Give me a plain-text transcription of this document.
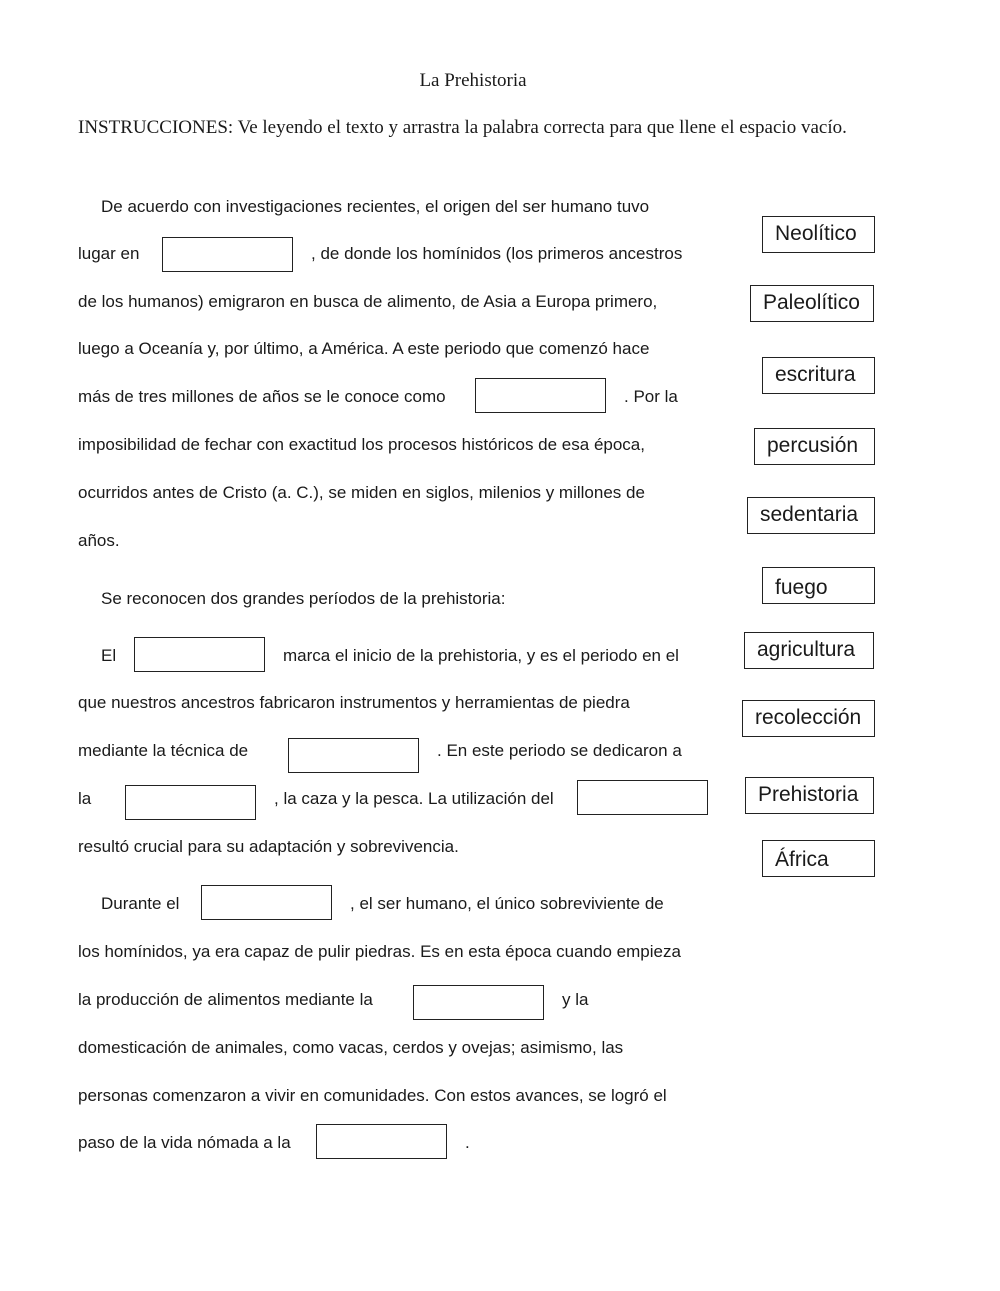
La Prehistoria
INSTRUCCIONES: Ve leyendo el texto y arrastra la palabra correcta para que llene el espacio vacío.
De acuerdo con investigaciones recientes, el origen del ser humano tuvo
lugar en	, de donde los homínidos (los primeros ancestros
de los humanos) emigraron en busca de alimento, de Asia a Europa primero,
luego a Oceanía y, por último, a América. A este periodo que comenzó hace
más de tres millones de años se le conoce como	. Por la
imposibilidad de fechar con exactitud los procesos históricos de esa época,
ocurridos antes de Cristo (a. C.), se miden en siglos, milenios y millones de
años.
Se reconocen dos grandes períodos de la prehistoria:
El	marca el inicio de la prehistoria, y es el periodo en el
que nuestros ancestros fabricaron instrumentos y herramientas de piedra
mediante la técnica de	. En este periodo se dedicaron a
la	, la caza y la pesca. La utilización del
resultó crucial para su adaptación y sobrevivencia.
Durante el	, el ser humano, el único sobreviviente de
los homínidos, ya era capaz de pulir piedras. Es en esta época cuando empieza
la producción de alimentos mediante la	y la
domesticación de animales, como vacas, cerdos y ovejas; asimismo, las
personas comenzaron a vivir en comunidades. Con estos avances, se logró el
paso de la vida nómada a la	.
Neolítico
Paleolítico
escritura
percusión
sedentaria
fuego
agricultura
recolección
Prehistoria
África
